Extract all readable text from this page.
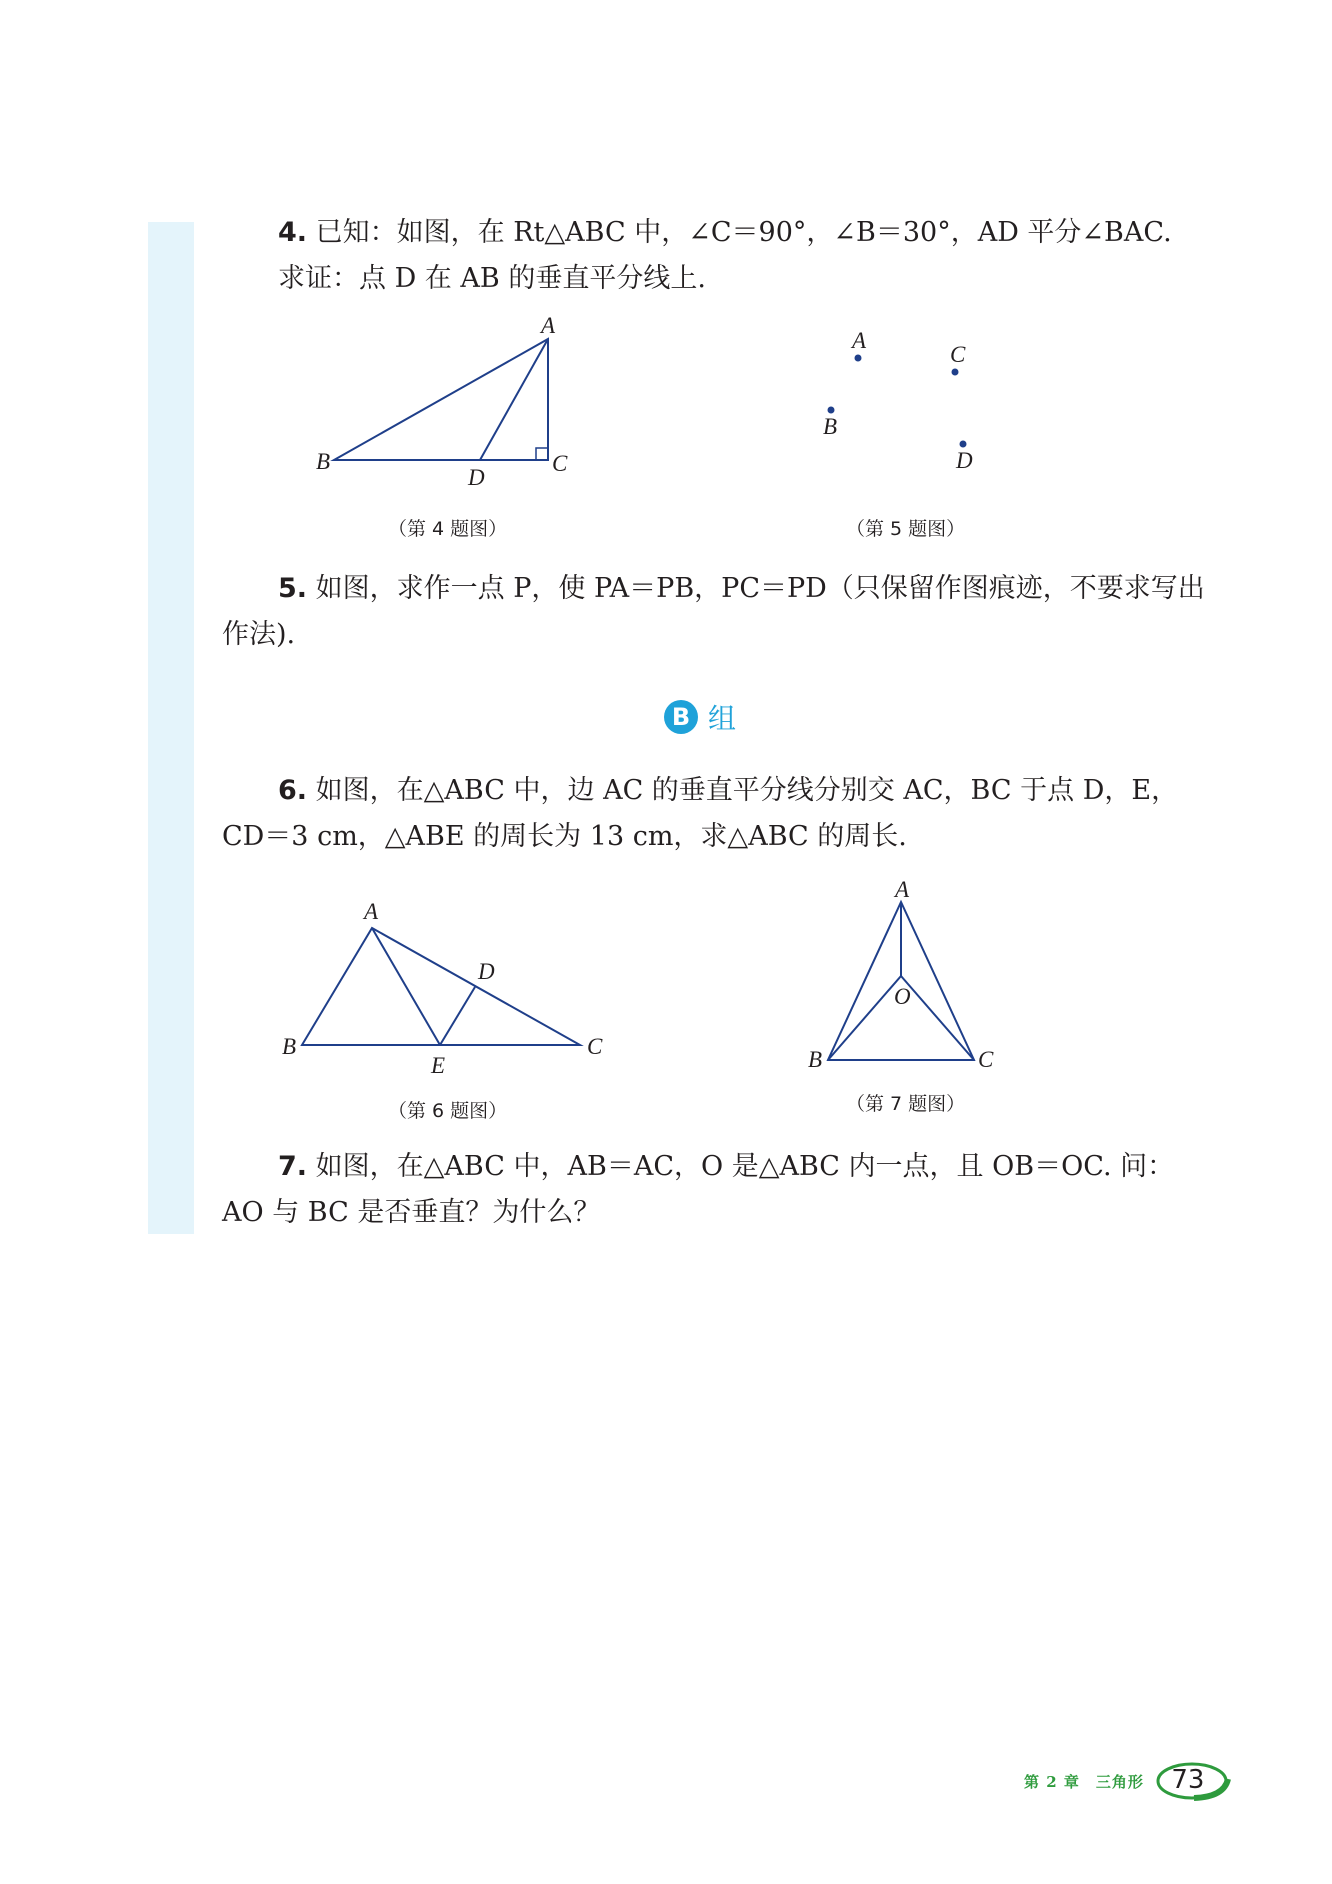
4. 已知：如图，在 Rt△ABC 中，∠C＝90°，∠B＝30°，AD 平分∠BAC.

求证：点 D 在 AB 的垂直平分线上.

A
B	C
D
（第 4 题图）
A
C
B
D
（第 5 题图）

5. 如图，求作一点 P，使 PA＝PB，PC＝PD（只保留作图痕迹，不要求写出

作法).

B 组

6. 如图，在△ABC 中，边 AC 的垂直平分线分别交 AC，BC 于点 D，E，

CD＝3 cm，△ABE 的周长为 13 cm，求△ABC 的周长.

A
B	C
D
E
（第 6 题图）
A
O
B	C
（第 7 题图）

7. 如图，在△ABC 中，AB＝AC，O 是△ABC 内一点，且 OB＝OC. 问：

AO 与 BC 是否垂直？为什么？

第 2 章　三角形	73
